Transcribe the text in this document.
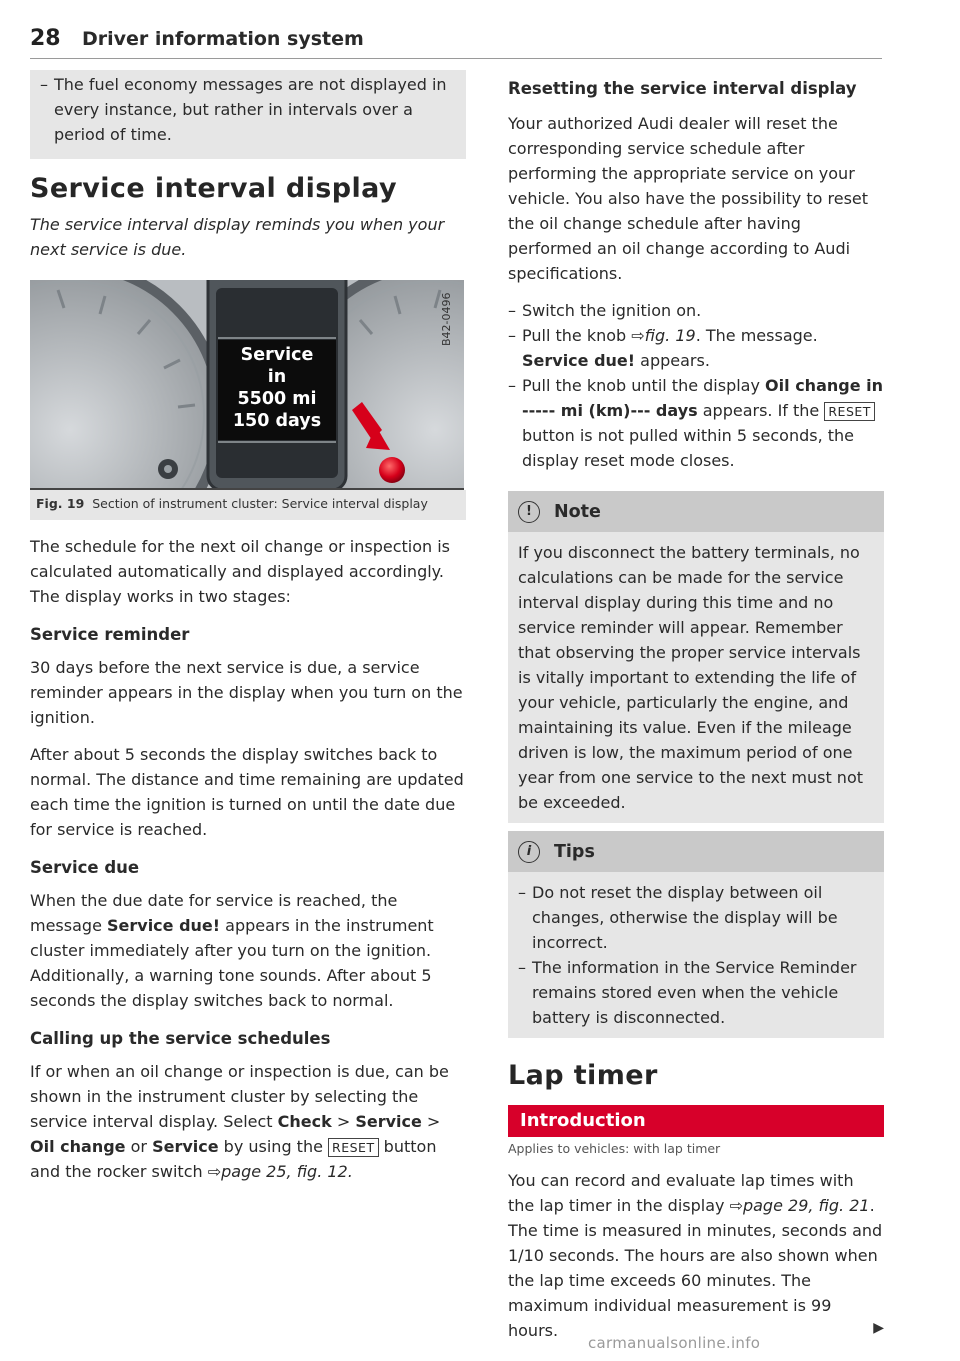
28 Driver information system
– The fuel economy messages are not displayed in every instance, but rather in intervals over a period of time.
Service interval display
The service interval display reminds you when your next service is due.
Service
in
5500 mi
150 days
B42-0496
Fig. 19 Section of instrument cluster: Service interval display

The schedule for the next oil change or inspection is calculated automatically and displayed accordingly. The display works in two stages:

Service reminder

30 days before the next service is due, a service reminder appears in the display when you turn on the ignition.

After about 5 seconds the display switches back to normal. The distance and time remaining are updated each time the ignition is turned on until the date due for service is reached.

Service due

When the due date for service is reached, the message Service due! appears in the instrument cluster immediately after you turn on the ignition. Additionally, a warning tone sounds. After about 5 seconds the display switches back to normal.

Calling up the service schedules

If or when an oil change or inspection is due, can be shown in the instrument cluster by selecting the service interval display. Select Check > Service > Oil change or Service by using the RESET button and the rocker switch ⇨page 25, fig. 12.

Resetting the service interval display

Your authorized Audi dealer will reset the corresponding service schedule after performing the appropriate service on your vehicle. You also have the possibility to reset the oil change schedule after having performed an oil change according to Audi specifications.

– Switch the ignition on.
– Pull the knob ⇨fig. 19. The message. Service due! appears.
– Pull the knob until the display Oil change in ----- mi (km)--- days appears. If the RESET button is not pulled within 5 seconds, the display reset mode closes.
!	Note

If you disconnect the battery terminals, no calculations can be made for the service interval display during this time and no service reminder will appear. Remember that observing the proper service intervals is vitally important to extending the life of your vehicle, particularly the engine, and maintaining its value. Even if the mileage driven is low, the maximum period of one year from one service to the next must not be exceeded.

i	Tips
– Do not reset the display between oil changes, otherwise the display will be incorrect.
– The information in the Service Reminder remains stored even when the vehicle battery is disconnected.
Lap timer
Introduction
Applies to vehicles: with lap timer

You can record and evaluate lap times with the lap timer in the display ⇨page 29, fig. 21. The time is measured in minutes, seconds and 1/10 seconds. The hours are also shown when the lap time exceeds 60 minutes. The maximum individual measurement is 99 hours.	▶

carmanualsonline.info
